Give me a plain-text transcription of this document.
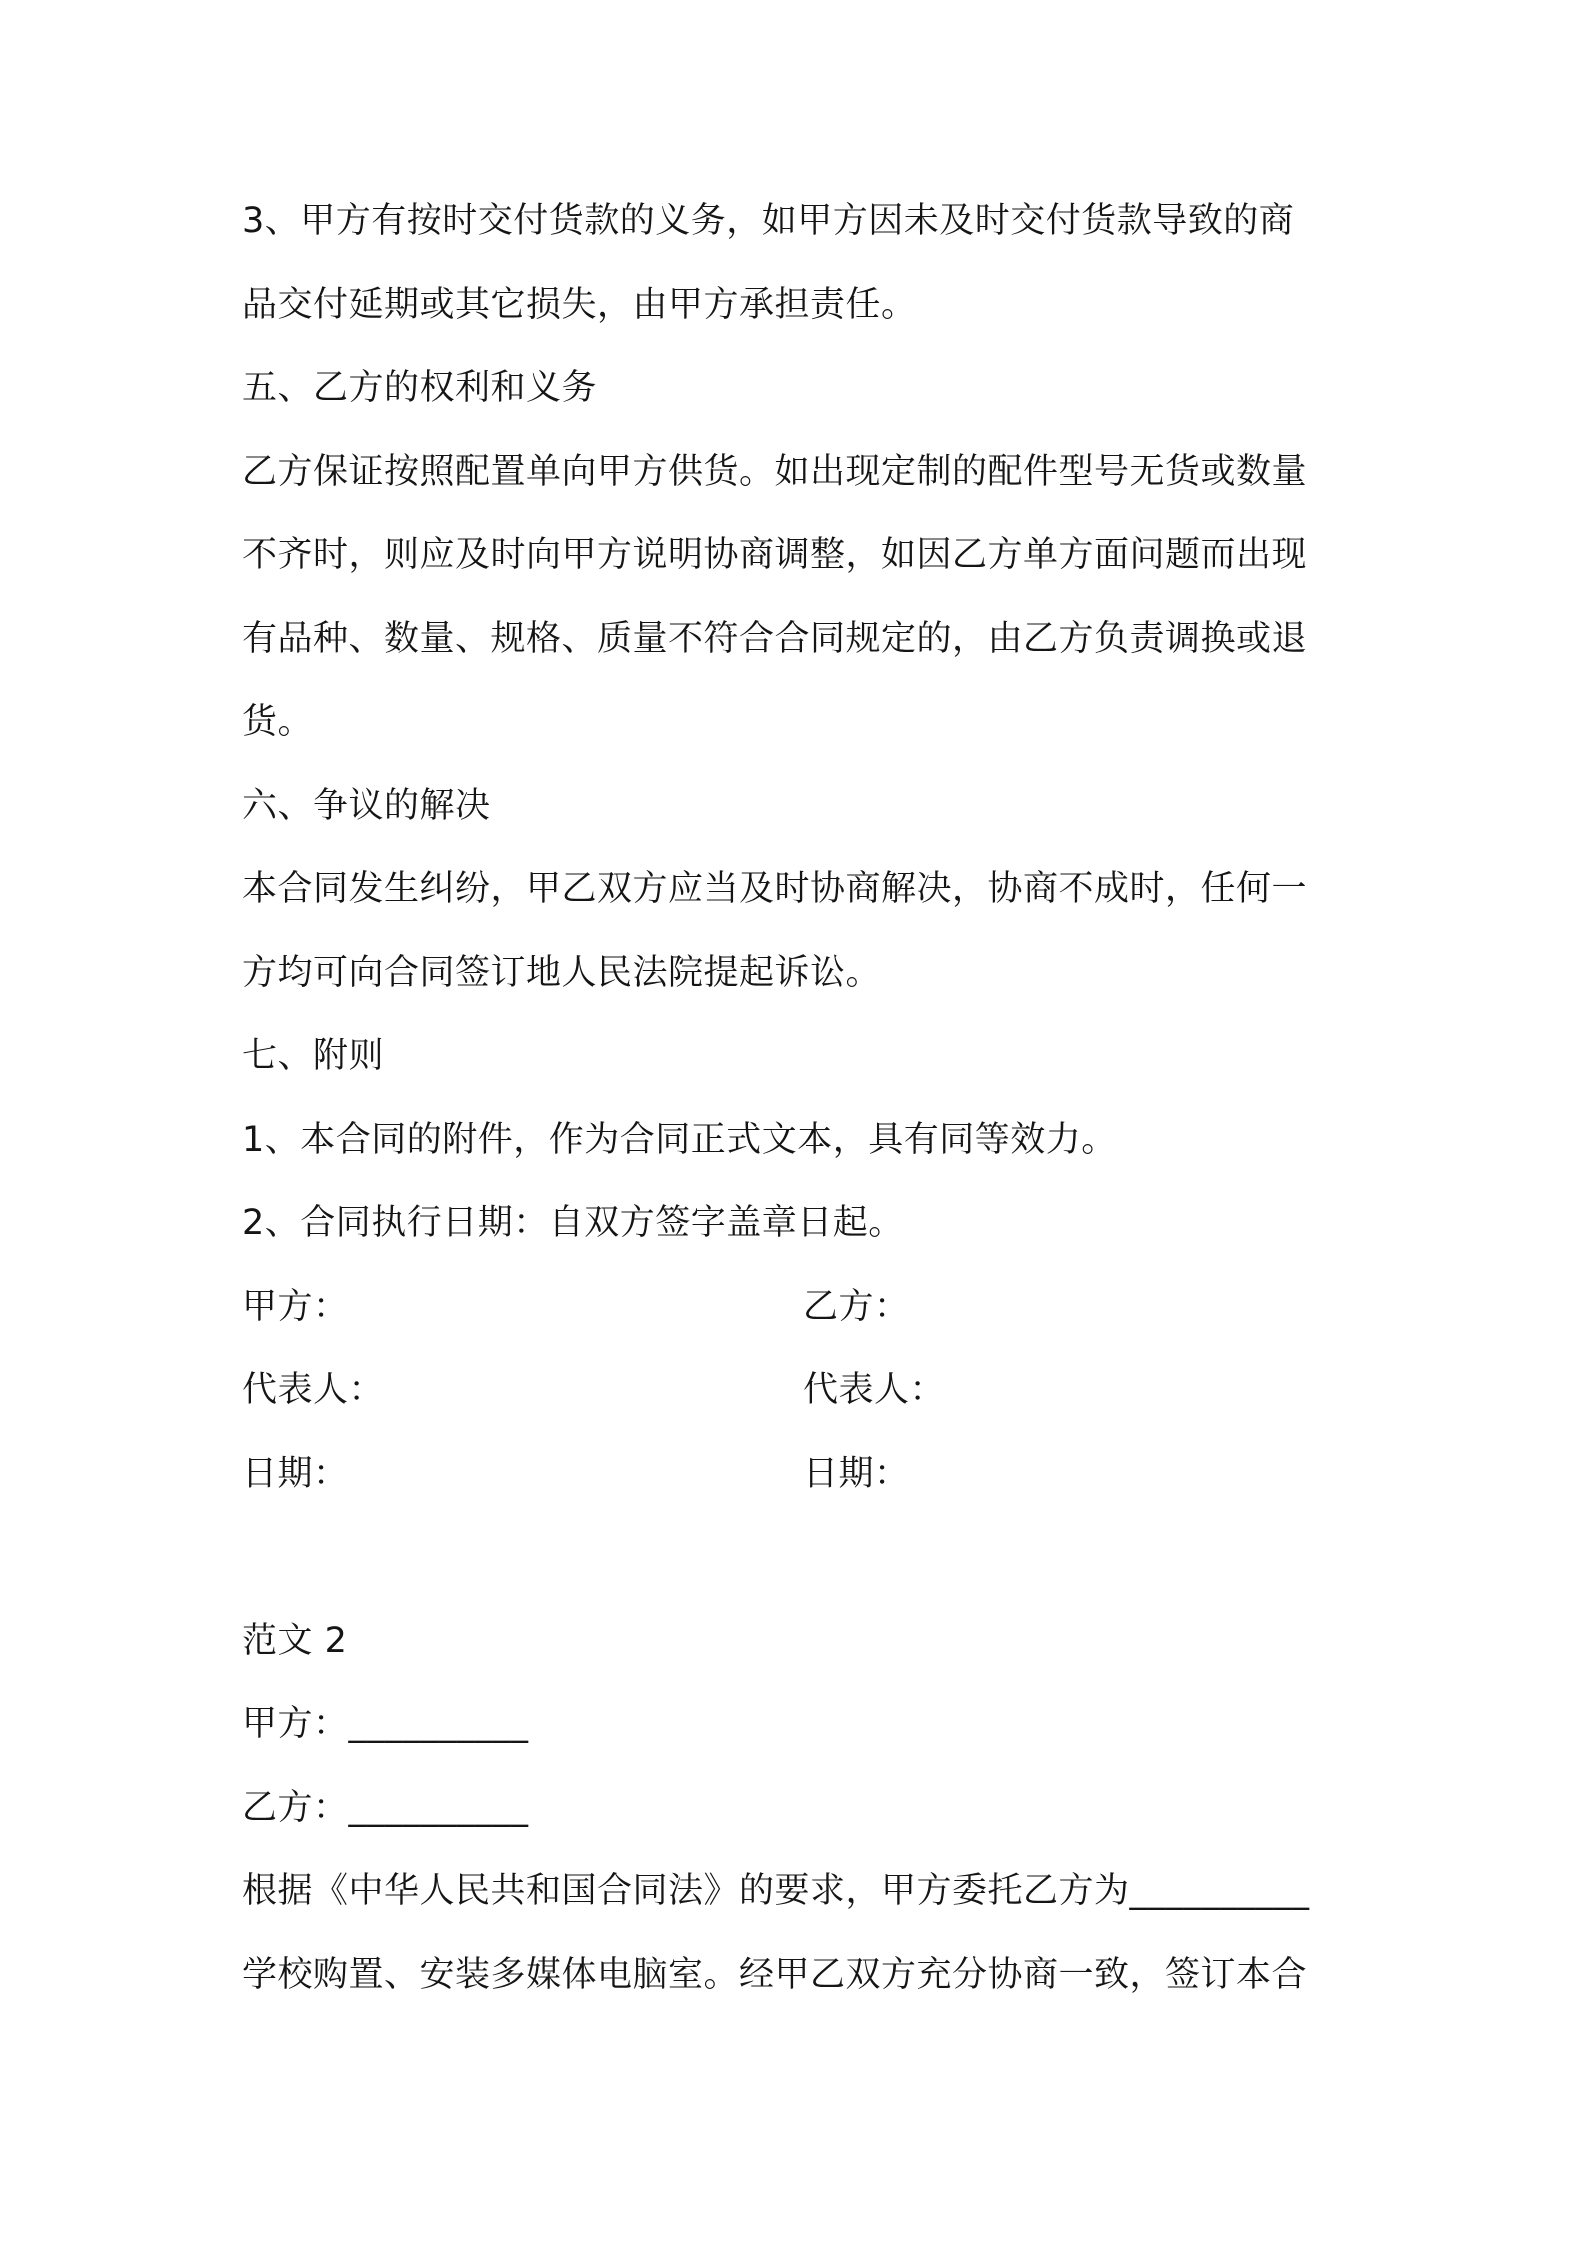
3、甲方有按时交付货款的义务，如甲方因未及时交付货款导致的商
品交付延期或其它损失，由甲方承担责任。
五、乙方的权利和义务
乙方保证按照配置单向甲方供货。如出现定制的配件型号无货或数量
不齐时，则应及时向甲方说明协商调整，如因乙方单方面问题而出现
有品种、数量、规格、质量不符合合同规定的，由乙方负责调换或退
货。
六、争议的解决
本合同发生纠纷，甲乙双方应当及时协商解决，协商不成时，任何一
方均可向合同签订地人民法院提起诉讼。
七、附则
1、本合同的附件，作为合同正式文本，具有同等效力。
2、合同执行日期：自双方签字盖章日起。
甲方：	乙方：
代表人：	代表人：
日期：	日期：
范文 2
甲方：__________
乙方：__________
根据《中华人民共和国合同法》的要求，甲方委托乙方为__________
学校购置、安装多媒体电脑室。经甲乙双方充分协商一致，签订本合
